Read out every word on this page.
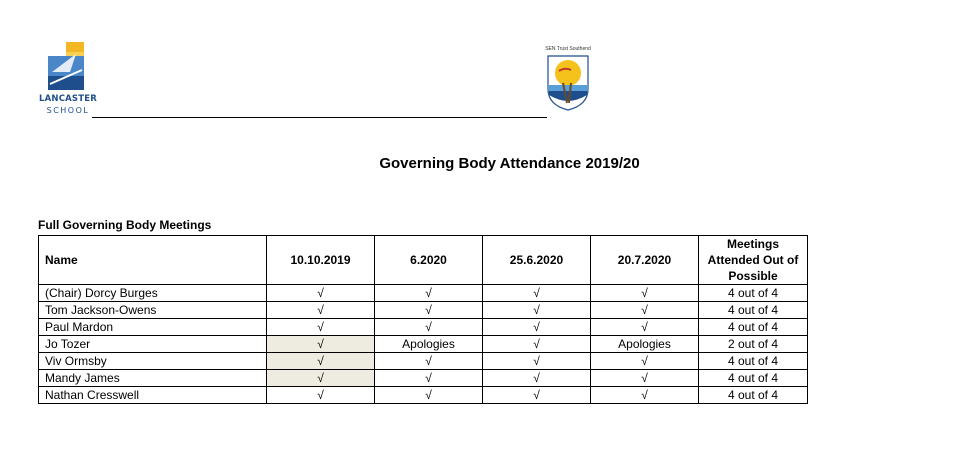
LANCASTER
SCHOOL
SEN Trust Southend
Governing Body Attendance 2019/20
Full Governing Body Meetings
Name	10.10.2019	6.2020	25.6.2020	20.7.2020	Meetings Attended Out of Possible
(Chair) Dorcy Burges	√	√	√	√	4 out of 4
Tom Jackson-Owens	√	√	√	√	4 out of 4
Paul Mardon	√	√	√	√	4 out of 4
Jo Tozer	√	Apologies	√	Apologies	2 out of 4
Viv Ormsby	√	√	√	√	4 out of 4
Mandy James	√	√	√	√	4 out of 4
Nathan Cresswell	√	√	√	√	4 out of 4
